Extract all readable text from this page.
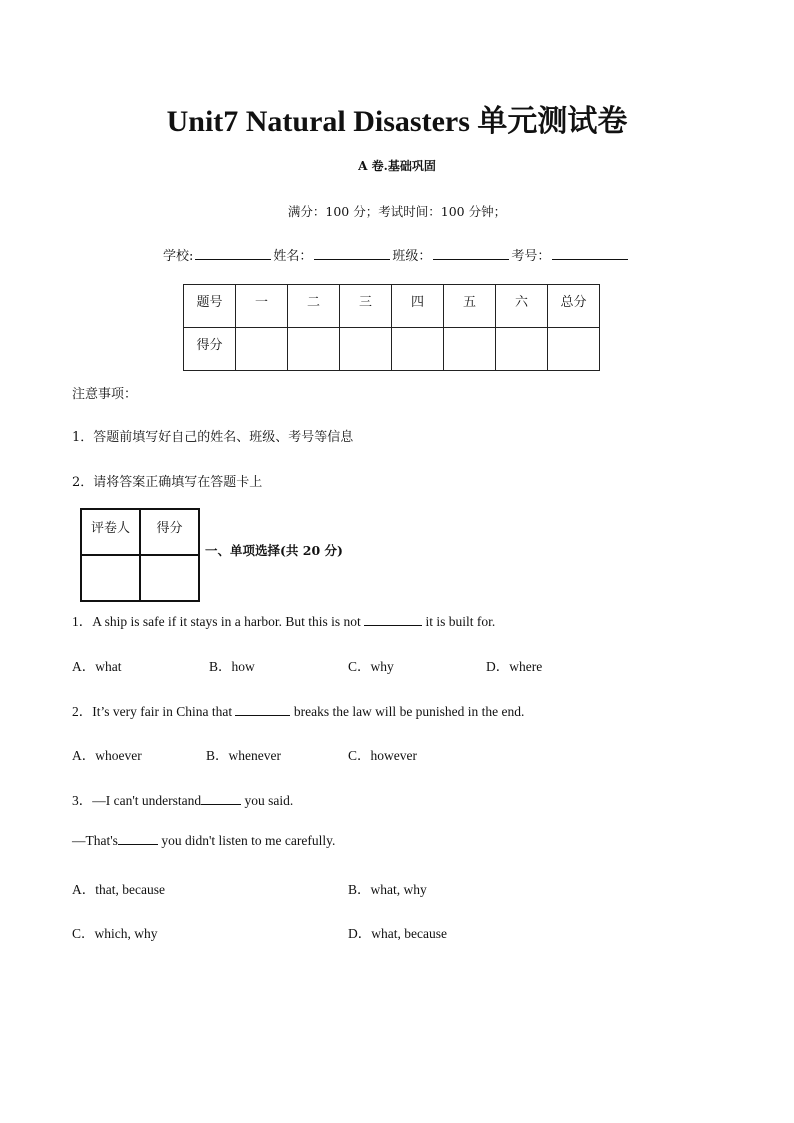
Unit7 Natural Disasters 单元测试卷
A 卷.基础巩固
满分：100 分；考试时间：100 分钟；
学校:	姓名：	班级：	考号：
题号	一	二	三	四	五	六	总分
得分							
注意事项：
1．答题前填写好自己的姓名、班级、考号等信息
2．请将答案正确填写在答题卡上
评卷人	得分

一、单项选择(共 20 分)
1．A ship is safe if it stays in a harbor. But this is not	it is built for.
A．what	B．how	C．why	D．where
2．It’s very fair in China that	breaks the law will be punished in the end.
A．whoever	B．whenever	C．however
3．—I can't understand	you said.
—That's	you didn't listen to me carefully.
A．that, because	B．what, why
C．which, why	D．what, because
